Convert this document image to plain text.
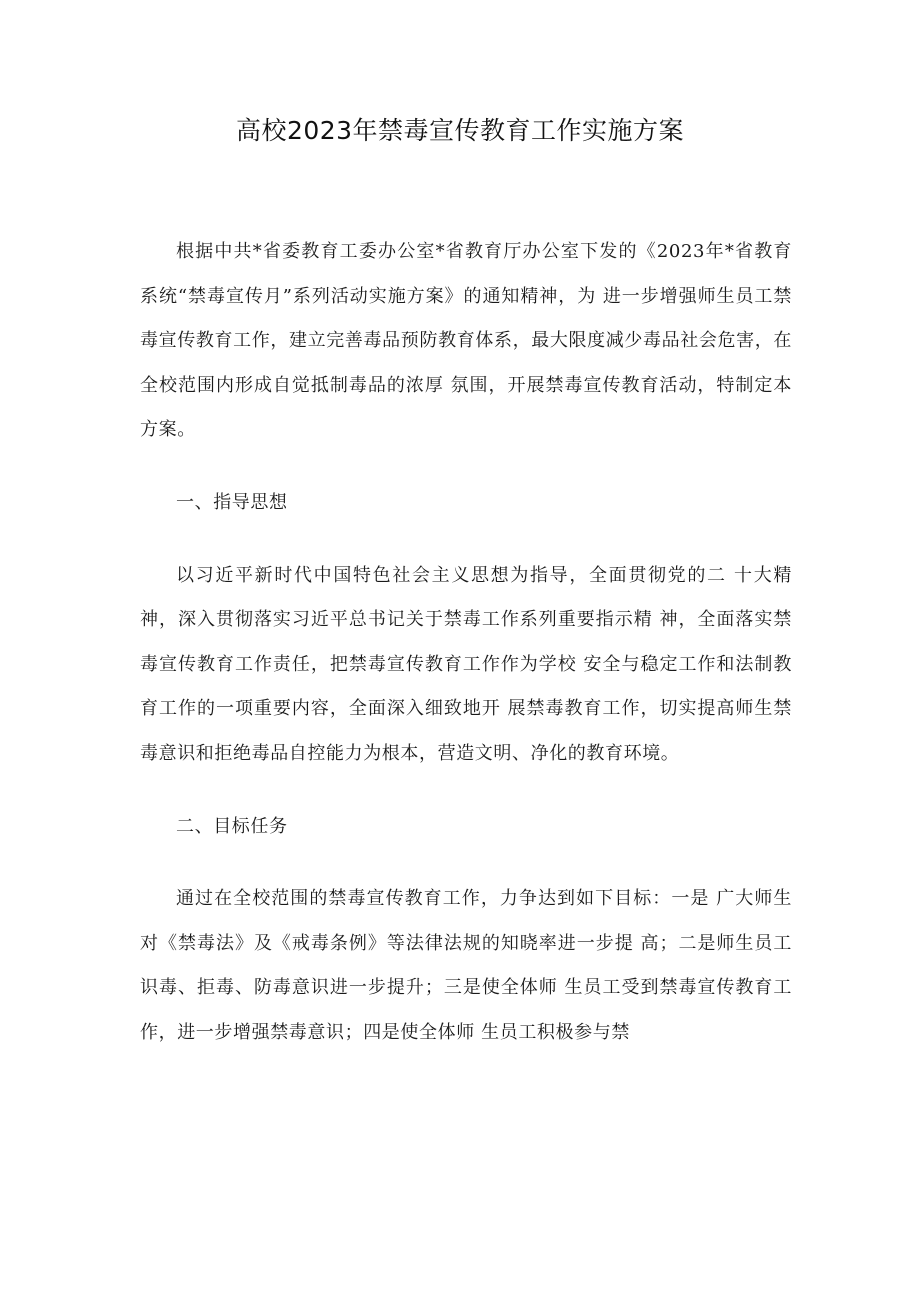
高校2023年禁毒宣传教育工作实施方案

根据中共*省委教育工委办公室*省教育厅办公室下发的《2023年*省教育系统“禁毒宣传月”系列活动实施方案》的通知精神，为 进一步增强师生员工禁毒宣传教育工作，建立完善毒品预防教育体系，最大限度减少毒品社会危害，在全校范围内形成自觉抵制毒品的浓厚 氛围，开展禁毒宣传教育活动，特制定本方案。

一、指导思想

以习近平新时代中国特色社会主义思想为指导，全面贯彻党的二 十大精神，深入贯彻落实习近平总书记关于禁毒工作系列重要指示精 神，全面落实禁毒宣传教育工作责任，把禁毒宣传教育工作作为学校 安全与稳定工作和法制教育工作的一项重要内容，全面深入细致地开 展禁毒教育工作，切实提高师生禁毒意识和拒绝毒品自控能力为根本，营造文明、净化的教育环境。

二、目标任务

通过在全校范围的禁毒宣传教育工作，力争达到如下目标：一是 广大师生对《禁毒法》及《戒毒条例》等法律法规的知晓率进一步提 高；二是师生员工识毒、拒毒、防毒意识进一步提升；三是使全体师 生员工受到禁毒宣传教育工作，进一步增强禁毒意识；四是使全体师 生员工积极参与禁
